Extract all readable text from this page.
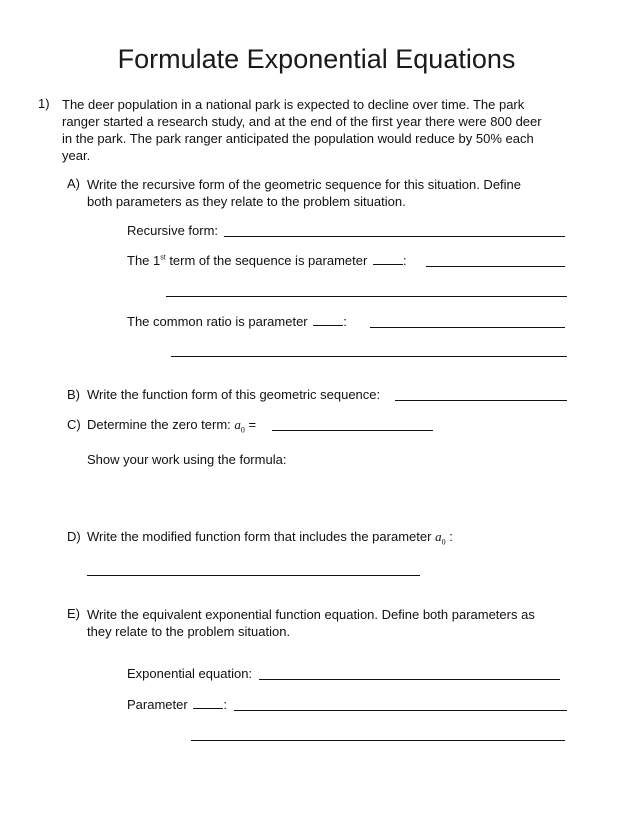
Formulate Exponential Equations
1) The deer population in a national park is expected to decline over time. The park
ranger started a research study, and at the end of the first year there were 800 deer
in the park. The park ranger anticipated the population would reduce by 50% each
year.
A) Write the recursive form of the geometric sequence for this situation. Define
both parameters as they relate to the problem situation.
Recursive form:
The 1st term of the sequence is parameter	:
The common ratio is parameter	:
B) Write the function form of this geometric sequence:
C) Determine the zero term: $a_0$ =
Show your work using the formula:
D) Write the modified function form that includes the parameter $a_0$ :
E) Write the equivalent exponential function equation. Define both parameters as
they relate to the problem situation.
Exponential equation:
Parameter	:
